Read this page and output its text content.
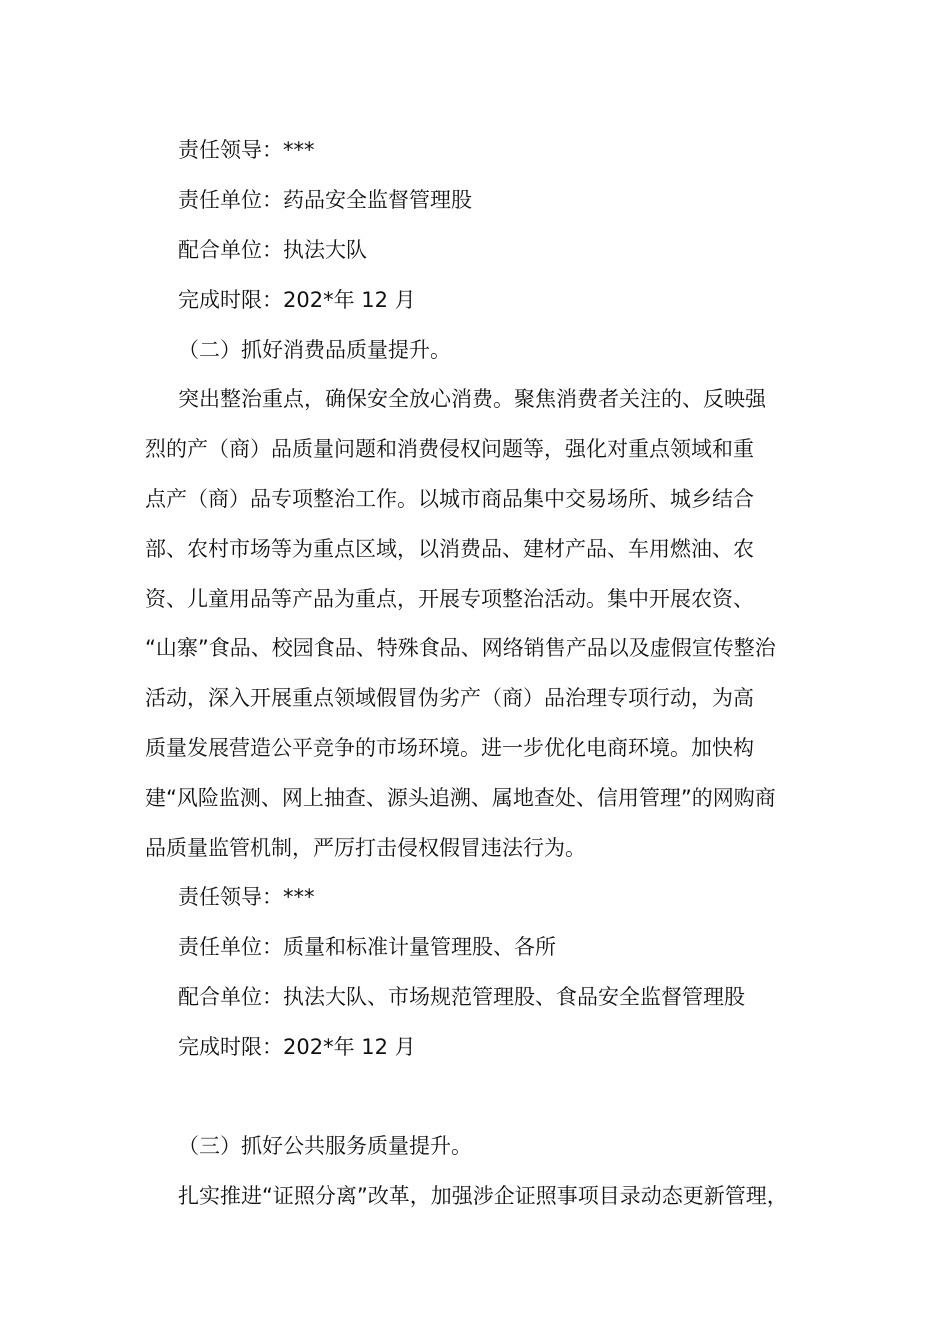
责任领导：***
责任单位：药品安全监督管理股
配合单位：执法大队
完成时限：202*年 12 月
（二）抓好消费品质量提升。
突出整治重点，确保安全放心消费。聚焦消费者关注的、反映强
烈的产（商）品质量问题和消费侵权问题等，强化对重点领域和重
点产（商）品专项整治工作。以城市商品集中交易场所、城乡结合
部、农村市场等为重点区域，以消费品、建材产品、车用燃油、农
资、儿童用品等产品为重点，开展专项整治活动。集中开展农资、
“山寨”食品、校园食品、特殊食品、网络销售产品以及虚假宣传整治
活动，深入开展重点领域假冒伪劣产（商）品治理专项行动，为高
质量发展营造公平竞争的市场环境。进一步优化电商环境。加快构
建“风险监测、网上抽查、源头追溯、属地查处、信用管理”的网购商
品质量监管机制，严厉打击侵权假冒违法行为。
责任领导：***
责任单位：质量和标准计量管理股、各所
配合单位：执法大队、市场规范管理股、食品安全监督管理股
完成时限：202*年 12 月
（三）抓好公共服务质量提升。
扎实推进“证照分离”改革，加强涉企证照事项目录动态更新管理，
